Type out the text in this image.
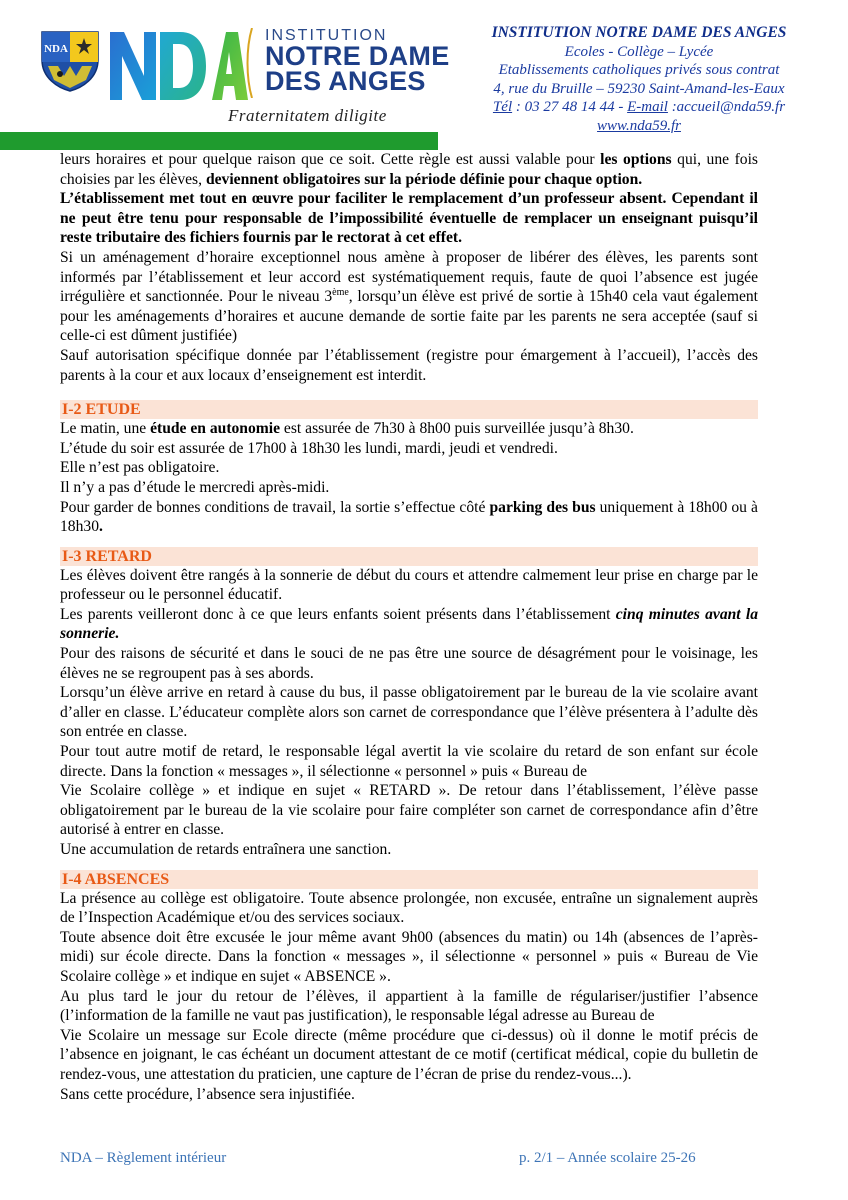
NDA
INSTITUTION
NOTRE DAME
DES ANGES
Fraternitatem diligite
INSTITUTION NOTRE DAME DES ANGES
Ecoles - Collège – Lycée
Etablissements catholiques privés sous contrat
4, rue du Bruille – 59230 Saint-Amand-les-Eaux
Tél : 03 27 48 14 44 - E-mail :accueil@nda59.fr
www.nda59.fr

leurs horaires et pour quelque raison que ce soit. Cette règle est aussi valable pour les options qui, une fois choisies par les élèves, deviennent obligatoires sur la période définie pour chaque option.

L’établissement met tout en œuvre pour faciliter le remplacement d’un professeur absent. Cependant il ne peut être tenu pour responsable de l’impossibilité éventuelle de remplacer un enseignant puisqu’il reste tributaire des fichiers fournis par le rectorat à cet effet.

Si un aménagement d’horaire exceptionnel nous amène à proposer de libérer des élèves, les parents sont informés par l’établissement et leur accord est systématiquement requis, faute de quoi l’absence est jugée irrégulière et sanctionnée. Pour le niveau 3ème, lorsqu’un élève est privé de sortie à 15h40 cela vaut également pour les aménagements d’horaires et aucune demande de sortie faite par les parents ne sera acceptée (sauf si celle-ci est dûment justifiée)

Sauf autorisation spécifique donnée par l’établissement (registre pour émargement à l’accueil), l’accès des parents à la cour et aux locaux d’enseignement est interdit.

I-2 ETUDE

Le matin, une étude en autonomie est assurée de 7h30 à 8h00 puis surveillée jusqu’à 8h30.

L’étude du soir est assurée de 17h00 à 18h30 les lundi, mardi, jeudi et vendredi.

Elle n’est pas obligatoire.

Il n’y a pas d’étude le mercredi après-midi.

Pour garder de bonnes conditions de travail, la sortie s’effectue côté parking des bus uniquement à 18h00 ou à 18h30.

I-3 RETARD

Les élèves doivent être rangés à la sonnerie de début du cours et attendre calmement leur prise en charge par le professeur ou le personnel éducatif.

Les parents veilleront donc à ce que leurs enfants soient présents dans l’établissement cinq minutes avant la sonnerie.

Pour des raisons de sécurité et dans le souci de ne pas être une source de désagrément pour le voisinage, les élèves ne se regroupent pas à ses abords.

Lorsqu’un élève arrive en retard à cause du bus, il passe obligatoirement par le bureau de la vie scolaire avant d’aller en classe. L’éducateur complète alors son carnet de correspondance que l’élève présentera à l’adulte dès son entrée en classe.

Pour tout autre motif de retard, le responsable légal avertit la vie scolaire du retard de son enfant sur école directe. Dans la fonction « messages », il sélectionne « personnel » puis « Bureau de

Vie Scolaire collège » et indique en sujet « RETARD ». De retour dans l’établissement, l’élève passe obligatoirement par le bureau de la vie scolaire pour faire compléter son carnet de correspondance afin d’être autorisé à entrer en classe.

Une accumulation de retards entraînera une sanction.

I-4 ABSENCES

La présence au collège est obligatoire. Toute absence prolongée, non excusée, entraîne un signalement auprès de l’Inspection Académique et/ou des services sociaux.

Toute absence doit être excusée le jour même avant 9h00 (absences du matin) ou 14h (absences de l’après-midi) sur école directe. Dans la fonction « messages », il sélectionne « personnel » puis « Bureau de Vie Scolaire collège » et indique en sujet « ABSENCE ».

Au plus tard le jour du retour de l’élèves, il appartient à la famille de régulariser/justifier l’absence (l’information de la famille ne vaut pas justification), le responsable légal adresse au Bureau de

Vie Scolaire un message sur Ecole directe (même procédure que ci-dessus) où il donne le motif précis de l’absence en joignant, le cas échéant un document attestant de ce motif (certificat médical, copie du bulletin de rendez-vous, une attestation du praticien, une capture de l’écran de prise du rendez-vous...).

Sans cette procédure, l’absence sera injustifiée.

NDA – Règlement intérieur	p. 2/1 – Année scolaire 25-26
